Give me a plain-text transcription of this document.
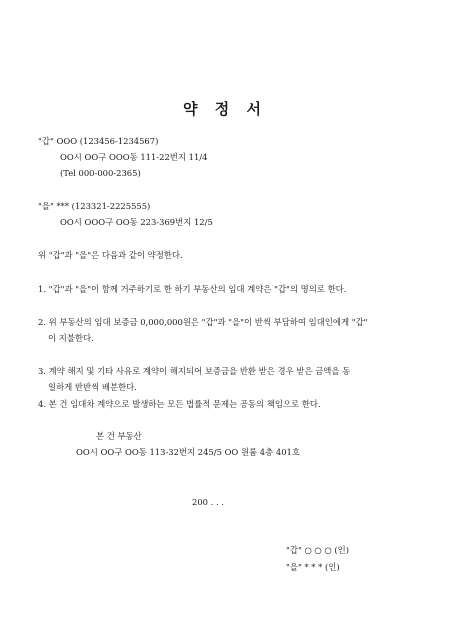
약 정 서
"갑" OOO (123456-1234567)
OO시 OO구 OOO동 111-22번지 11/4
(Tel 000-000-2365)
"을" *** (123321-2225555)
OO시 OOO구 OO동 223-369번지 12/5
위 "갑"과 "을"은 다음과 같이 약정한다.
1. "갑"과 "을"이 함께 거주하기로 한 하기 부동산의 임대 계약은 "갑"의 명의로 한다.
2. 위 부동산의 임대 보증금 0,000,000원은 "갑"과 "을"이 반씩 부담하여 임대인에게 "갑"
이 지불한다.
3. 계약 해지 및 기타 사유로 계약이 해지되어 보증금을 반환 받은 경우 받은 금액을 동
일하게 반반씩 배분한다.
4. 본 건 임대차 계약으로 발생하는 모든 법률적 문제는 공동의 책임으로 한다.
본 건 부동산
OO시 OO구 OO동 113-32번지 245/5 OO 원룸 4층 401호
200 . . .
"갑" ○ ○ ○ (인)
"을" * * * (인)
